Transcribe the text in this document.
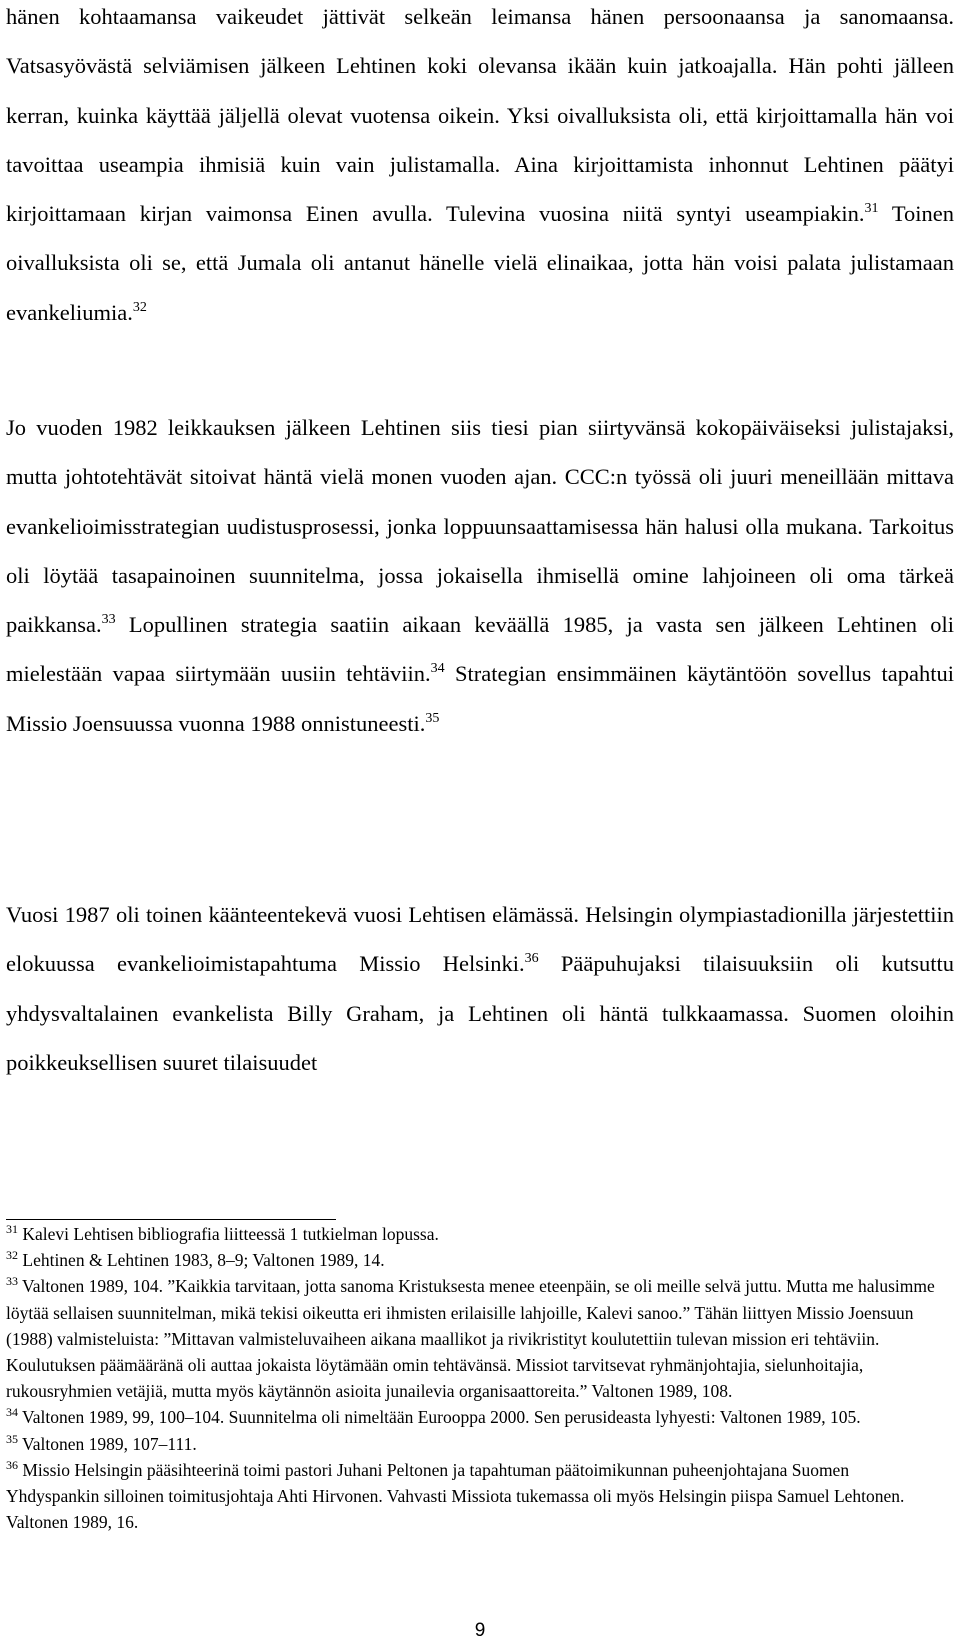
hänen kohtaamansa vaikeudet jättivät selkeän leimansa hänen persoonaansa ja sanomaansa. Vatsasyövästä selviämisen jälkeen Lehtinen koki olevansa ikään kuin jatkoajalla. Hän pohti jälleen kerran, kuinka käyttää jäljellä olevat vuotensa oikein. Yksi oivalluksista oli, että kirjoittamalla hän voi tavoittaa useampia ihmisiä kuin vain julistamalla. Aina kirjoittamista inhonnut Lehtinen päätyi kirjoittamaan kirjan vaimonsa Einen avulla. Tulevina vuosina niitä syntyi useampiakin.$^{31}$ Toinen oivalluksista oli se, että Jumala oli antanut hänelle vielä elinaikaa, jotta hän voisi palata julistamaan evankeliumia.$^{32}$

Jo vuoden 1982 leikkauksen jälkeen Lehtinen siis tiesi pian siirtyvänsä kokopäiväiseksi julistajaksi, mutta johtotehtävät sitoivat häntä vielä monen vuoden ajan. CCC:n työssä oli juuri meneillään mittava evankelioimisstrategian uudistusprosessi, jonka loppuunsaattamisessa hän halusi olla mukana. Tarkoitus oli löytää tasapainoinen suunnitelma, jossa jokaisella ihmisellä omine lahjoineen oli oma tärkeä paikkansa.$^{33}$ Lopullinen strategia saatiin aikaan keväällä 1985, ja vasta sen jälkeen Lehtinen oli mielestään vapaa siirtymään uusiin tehtäviin.$^{34}$ Strategian ensimmäinen käytäntöön sovellus tapahtui Missio Joensuussa vuonna 1988 onnistuneesti.$^{35}$

Vuosi 1987 oli toinen käänteentekevä vuosi Lehtisen elämässä. Helsingin olympiastadionilla järjestettiin elokuussa evankelioimistapahtuma Missio Helsinki.$^{36}$ Pääpuhujaksi tilaisuuksiin oli kutsuttu yhdysvaltalainen evankelista Billy Graham, ja Lehtinen oli häntä tulkkaamassa. Suomen oloihin poikkeuksellisen suuret tilaisuudet

$^{31}$ Kalevi Lehtisen bibliografia liitteessä 1 tutkielman lopussa.

$^{32}$ Lehtinen & Lehtinen 1983, 8–9; Valtonen 1989, 14.

$^{33}$ Valtonen 1989, 104. ”Kaikkia tarvitaan, jotta sanoma Kristuksesta menee eteenpäin, se oli meille selvä juttu. Mutta me halusimme löytää sellaisen suunnitelman, mikä tekisi oikeutta eri ihmisten erilaisille lahjoille, Kalevi sanoo.” Tähän liittyen Missio Joensuun (1988) valmisteluista: ”Mittavan valmisteluvaiheen aikana maallikot ja rivikristityt koulutettiin tulevan mission eri tehtäviin. Koulutuksen päämääränä oli auttaa jokaista löytämään omin tehtävänsä. Missiot tarvitsevat ryhmänjohtajia, sielunhoitajia, rukousryhmien vetäjiä, mutta myös käytännön asioita junailevia organisaattoreita.” Valtonen 1989, 108.

$^{34}$ Valtonen 1989, 99, 100–104. Suunnitelma oli nimeltään Eurooppa 2000. Sen perusideasta lyhyesti: Valtonen 1989, 105.

$^{35}$ Valtonen 1989, 107–111.

$^{36}$ Missio Helsingin pääsihteerinä toimi pastori Juhani Peltonen ja tapahtuman päätoimikunnan puheenjohtajana Suomen Yhdyspankin silloinen toimitusjohtaja Ahti Hirvonen. Vahvasti Missiota tukemassa oli myös Helsingin piispa Samuel Lehtonen. Valtonen 1989, 16.

9
